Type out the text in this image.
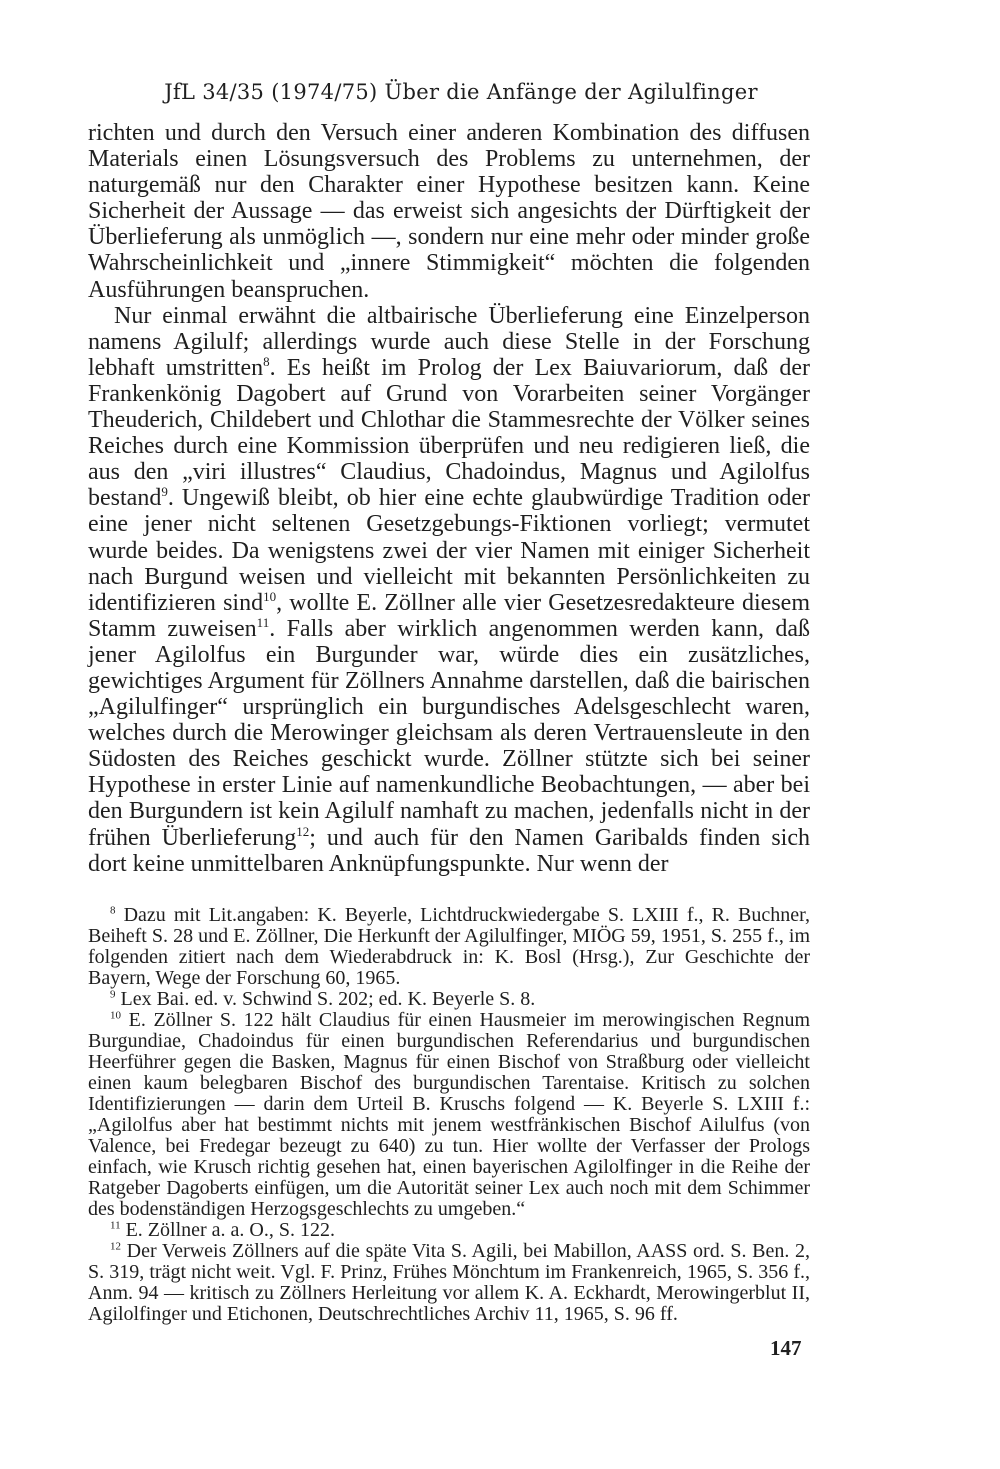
JfL 34/35 (1974/75) Über die Anfänge der Agilulfinger

richten und durch den Versuch einer anderen Kombination des diffusen Materials einen Lösungsversuch des Problems zu unternehmen, der naturgemäß nur den Charakter einer Hypothese besitzen kann. Keine Sicherheit der Aussage — das erweist sich angesichts der Dürftigkeit der Überlieferung als unmöglich —, sondern nur eine mehr oder minder große Wahrscheinlichkeit und „innere Stimmigkeit“ möchten die folgenden Ausführungen beanspruchen.

Nur einmal erwähnt die altbairische Überlieferung eine Einzelperson namens Agilulf; allerdings wurde auch diese Stelle in der Forschung lebhaft umstritten$^8$. Es heißt im Prolog der Lex Baiuvariorum, daß der Frankenkönig Dagobert auf Grund von Vorarbeiten seiner Vorgänger Theuderich, Childebert und Chlothar die Stammesrechte der Völker seines Reiches durch eine Kommission überprüfen und neu redigieren ließ, die aus den „viri illustres“ Claudius, Chadoindus, Magnus und Agilolfus bestand$^9$. Ungewiß bleibt, ob hier eine echte glaubwürdige Tradition oder eine jener nicht seltenen Gesetzgebungs-Fiktionen vorliegt; vermutet wurde beides. Da wenigstens zwei der vier Namen mit einiger Sicherheit nach Burgund weisen und vielleicht mit bekannten Persönlichkeiten zu identifizieren sind$^{10}$, wollte E. Zöllner alle vier Gesetzesredakteure diesem Stamm zuweisen$^{11}$. Falls aber wirklich angenommen werden kann, daß jener Agilolfus ein Burgunder war, würde dies ein zusätzliches, gewichtiges Argument für Zöllners Annahme darstellen, daß die bairischen „Agilulfinger“ ursprünglich ein burgundisches Adelsgeschlecht waren, welches durch die Merowinger gleichsam als deren Vertrauensleute in den Südosten des Reiches geschickt wurde. Zöllner stützte sich bei seiner Hypothese in erster Linie auf namenkundliche Beobachtungen, — aber bei den Burgundern ist kein Agilulf namhaft zu machen, jedenfalls nicht in der frühen Überlieferung$^{12}$; und auch für den Namen Garibalds finden sich dort keine unmittelbaren Anknüpfungspunkte. Nur wenn der

$^8$ Dazu mit Lit.angaben: K. Beyerle, Lichtdruckwiedergabe S. LXIII f., R. Buchner, Beiheft S. 28 und E. Zöllner, Die Herkunft der Agilulfinger, MIÖG 59, 1951, S. 255 f., im folgenden zitiert nach dem Wiederabdruck in: K. Bosl (Hrsg.), Zur Geschichte der Bayern, Wege der Forschung 60, 1965.

$^9$ Lex Bai. ed. v. Schwind S. 202; ed. K. Beyerle S. 8.

$^{10}$ E. Zöllner S. 122 hält Claudius für einen Hausmeier im merowingischen Regnum Burgundiae, Chadoindus für einen burgundischen Referendarius und burgundischen Heerführer gegen die Basken, Magnus für einen Bischof von Straßburg oder vielleicht einen kaum belegbaren Bischof des burgundischen Tarentaise. Kritisch zu solchen Identifizierungen — darin dem Urteil B. Kruschs folgend — K. Beyerle S. LXIII f.: „Agilolfus aber hat bestimmt nichts mit jenem westfränkischen Bischof Ailulfus (von Valence, bei Fredegar bezeugt zu 640) zu tun. Hier wollte der Verfasser der Prologs einfach, wie Krusch richtig gesehen hat, einen bayerischen Agilolfinger in die Reihe der Ratgeber Dagoberts einfügen, um die Autorität seiner Lex auch noch mit dem Schimmer des bodenständigen Herzogsgeschlechts zu umgeben.“

$^{11}$ E. Zöllner a. a. O., S. 122.

$^{12}$ Der Verweis Zöllners auf die späte Vita S. Agili, bei Mabillon, AASS ord. S. Ben. 2, S. 319, trägt nicht weit. Vgl. F. Prinz, Frühes Mönchtum im Frankenreich, 1965, S. 356 f., Anm. 94 — kritisch zu Zöllners Herleitung vor allem K. A. Eckhardt, Merowingerblut II, Agilolfinger und Etichonen, Deutschrechtliches Archiv 11, 1965, S. 96 ff.

147
